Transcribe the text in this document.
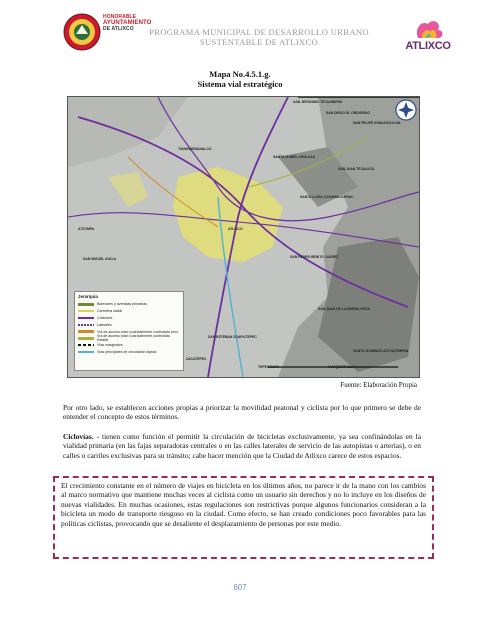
HONORABLE
AYUNTAMIENTO
DE ATLIXCO	PROGRAMA MUNICIPAL DE DESARROLLO URBANO
SUSTENTABLE DE ATLIXCO	ATLIXCO
Mapa No.4.5.1.g.
Sistema vial estratégico
SAN JERÓNIMO TECUANIPAN
SAN DIEGO EL ORDORIGO
SAN FELIPE XONACAYUCAN
TIANGUISMANALCO
SANTA ISABEL CHOLULA
SAN JUAN TEJALUCA
SANTA LUCÍA COSAMALOAPAN
ATLIXCO
SAN MIGUEL AYALA	SAN PEDRO BENITO JUÁREZ
SAN JUAN DE LA BUENA VISTA
SANTO DOMINGO ATOYATEMPAN
SAN ESTEBAN ZOAPILTEPEC
ATZOMPA
ZACATEPEC
TEPEOJUMA	HUAQUECHULA
Jerarquía
Bulevares y avenidas primarias
Carretera radial
Colectora
Laterales
Vía de acceso total o parcialmente controlado prov.
Vía de acceso total o parcialmente controlado Estatal
Vías marginales
Vías principales de circulación rápida
Fuente: Elaboración Propia
Por otro lado, se establecen acciones propias a priorizar la movilidad peatonal y ciclista por lo que primero se debe de entender el concepto de estos términos.
Ciclovías. - tienen como función el permitir la circulación de bicicletas exclusivamente, ya sea confinándolas en la vialidad primaria (en las fajas separadoras centrales o en las calles laterales de servicio de las autopistas o arterias), o en calles o carriles exclusivas para su tránsito; cabe hacer mención que la Ciudad de Atlixco carece de estos espacios.
El crecimiento constante en el número de viajes en bicicleta en los últimos años, no parece ir de la mano con los cambios al marco normativo que mantiene muchas veces al ciclista como un usuario sin derechos y no lo incluye en los diseños de nuevas vialidades. En muchas ocasiones, estas regulaciones son restrictivas porque algunos funcionarios consideran a la bicicleta un modo de transporte riesgoso en la ciudad. Como efecto, se han creado condiciones poco favorables para las políticas ciclistas, provocando que se desaliente el desplazamiento de personas por este medio.
607
